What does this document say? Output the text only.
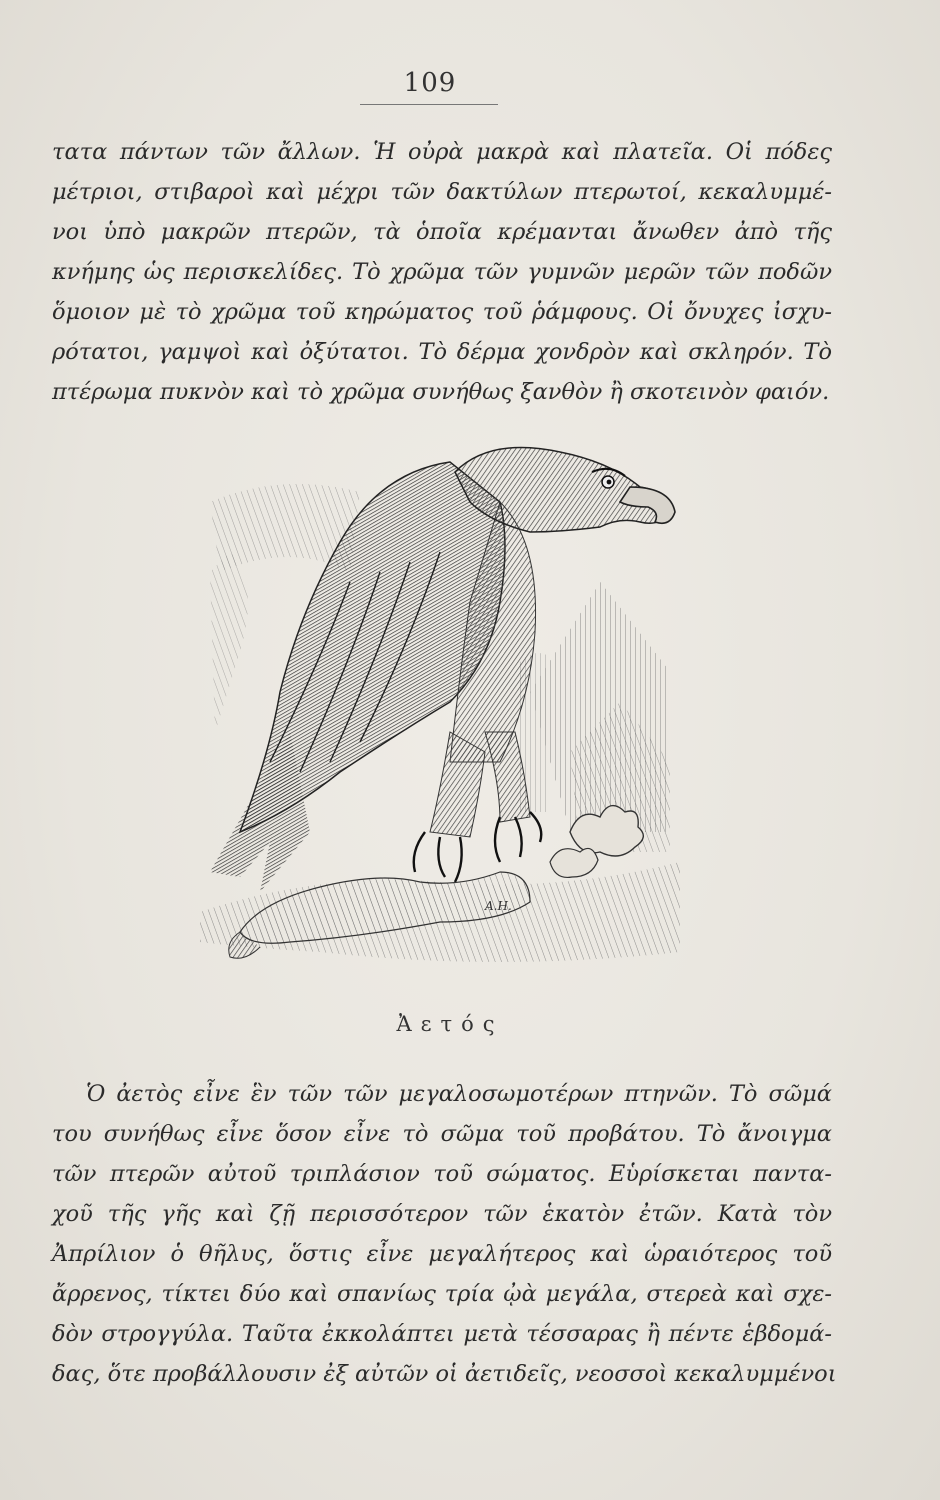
109
τατα πάντων τῶν ἄλλων. Ἡ οὐρὰ μακρὰ καὶ πλατεῖα. Οἱ πόδες
μέτριοι, στιβαροὶ καὶ μέχρι τῶν δακτύλων πτερωτοί, κεκαλυμμέ-
νοι ὑπὸ μακρῶν πτερῶν, τὰ ὁποῖα κρέμανται ἄνωθεν ἀπὸ τῆς
κνήμης ὡς περισκελίδες. Τὸ χρῶμα τῶν γυμνῶν μερῶν τῶν ποδῶν
ὅμοιον μὲ τὸ χρῶμα τοῦ κηρώματος τοῦ ῥάμφους. Οἱ ὄνυχες ἰσχυ-
ρότατοι, γαμψοὶ καὶ ὀξύτατοι. Τὸ δέρμα χονδρὸν καὶ σκληρόν. Τὸ
πτέρωμα πυκνὸν καὶ τὸ χρῶμα συνήθως ξανθὸν ἢ σκοτεινὸν φαιόν.
A.H.
Ἀετός
Ὁ ἀετὸς εἶνε ἓν τῶν τῶν μεγαλοσωμοτέρων πτηνῶν. Τὸ σῶμά
του συνήθως εἶνε ὅσον εἶνε τὸ σῶμα τοῦ προβάτου. Τὸ ἄνοιγμα
τῶν πτερῶν αὐτοῦ τριπλάσιον τοῦ σώματος. Εὑρίσκεται παντα-
χοῦ τῆς γῆς καὶ ζῇ περισσότερον τῶν ἑκατὸν ἐτῶν. Κατὰ τὸν
Ἀπρίλιον ὁ θῆλυς, ὅστις εἶνε μεγαλήτερος καὶ ὡραιότερος τοῦ
ἄρρενος, τίκτει δύο καὶ σπανίως τρία ᾠὰ μεγάλα, στερεὰ καὶ σχε-
δὸν στρογγύλα. Ταῦτα ἐκκολάπτει μετὰ τέσσαρας ἢ πέντε ἑβδομά-
δας, ὅτε προβάλλουσιν ἐξ αὐτῶν οἱ ἀετιδεῖς, νεοσσοὶ κεκαλυμμένοι
